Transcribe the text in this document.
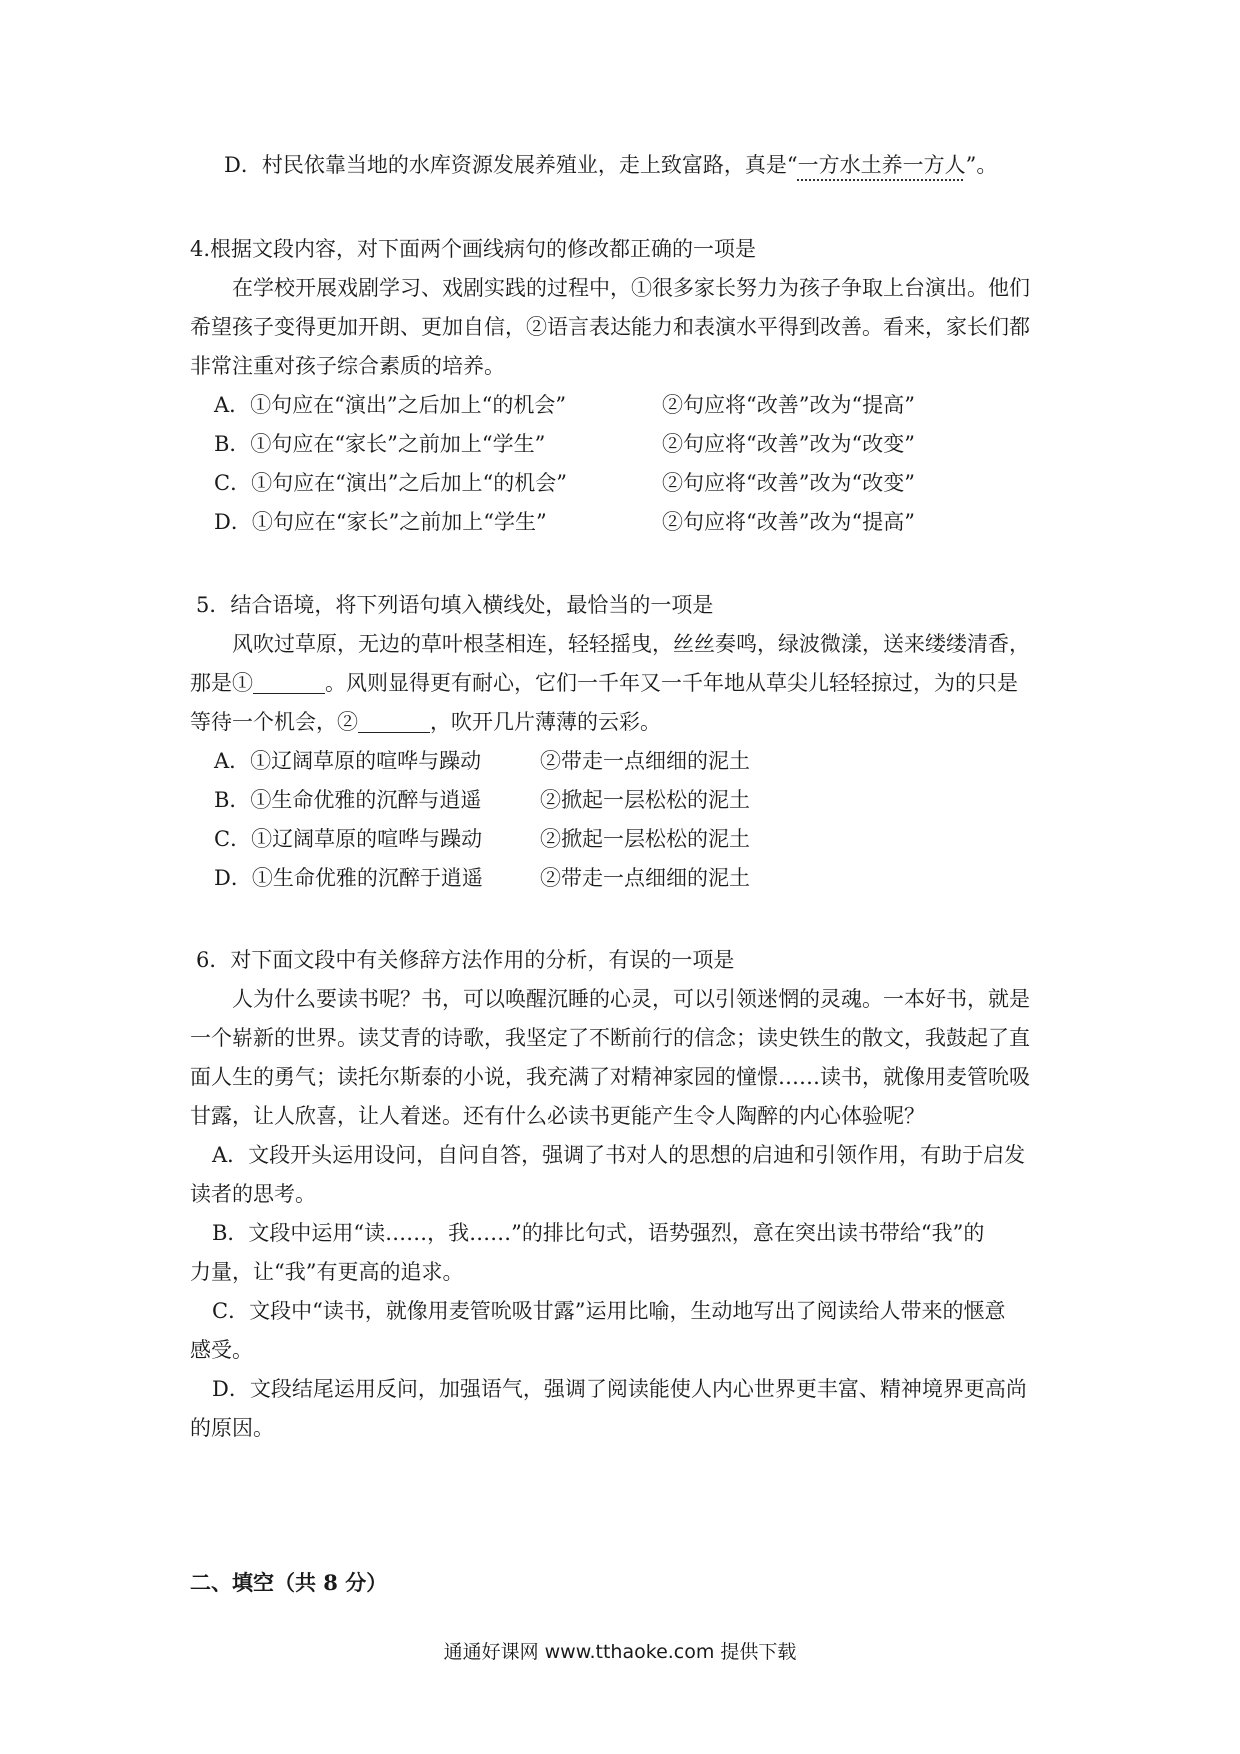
D．村民依靠当地的水库资源发展养殖业，走上致富路，真是“一方水土养一方人”。
4.根据文段内容，对下面两个画线病句的修改都正确的一项是
在学校开展戏剧学习、戏剧实践的过程中，①很多家长努力为孩子争取上台演出。他们
希望孩子变得更加开朗、更加自信，②语言表达能力和表演水平得到改善。看来，家长们都
非常注重对孩子综合素质的培养。
A．①句应在“演出”之后加上“的机会”	②句应将“改善”改为“提高”
B．①句应在“家长”之前加上“学生”	②句应将“改善”改为“改变”
C．①句应在“演出”之后加上“的机会”	②句应将“改善”改为“改变”
D．①句应在“家长”之前加上“学生”	②句应将“改善”改为“提高”
5．结合语境，将下列语句填入横线处，最恰当的一项是
风吹过草原，无边的草叶根茎相连，轻轻摇曳，丝丝奏鸣，绿波微漾，送来缕缕清香，
那是①	。风则显得更有耐心，它们一千年又一千年地从草尖儿轻轻掠过，为的只是
等待一个机会，②	，吹开几片薄薄的云彩。
A．①辽阔草原的喧哗与躁动	②带走一点细细的泥土
B．①生命优雅的沉醉与逍遥	②掀起一层松松的泥土
C．①辽阔草原的喧哗与躁动	②掀起一层松松的泥土
D．①生命优雅的沉醉于逍遥	②带走一点细细的泥土
6．对下面文段中有关修辞方法作用的分析，有误的一项是
人为什么要读书呢？书，可以唤醒沉睡的心灵，可以引领迷惘的灵魂。一本好书，就是
一个崭新的世界。读艾青的诗歌，我坚定了不断前行的信念；读史铁生的散文，我鼓起了直
面人生的勇气；读托尔斯泰的小说，我充满了对精神家园的憧憬……读书，就像用麦管吮吸
甘露，让人欣喜，让人着迷。还有什么必读书更能产生令人陶醉的内心体验呢？
A．文段开头运用设问，自问自答，强调了书对人的思想的启迪和引领作用，有助于启发
读者的思考。
B．文段中运用“读……，我……”的排比句式，语势强烈，意在突出读书带给“我”的
力量，让“我”有更高的追求。
C．文段中“读书，就像用麦管吮吸甘露”运用比喻，生动地写出了阅读给人带来的惬意
感受。
D．文段结尾运用反问，加强语气，强调了阅读能使人内心世界更丰富、精神境界更高尚
的原因。
二、填空（共 8 分）
通通好课网 www.tthaoke.com 提供下载
